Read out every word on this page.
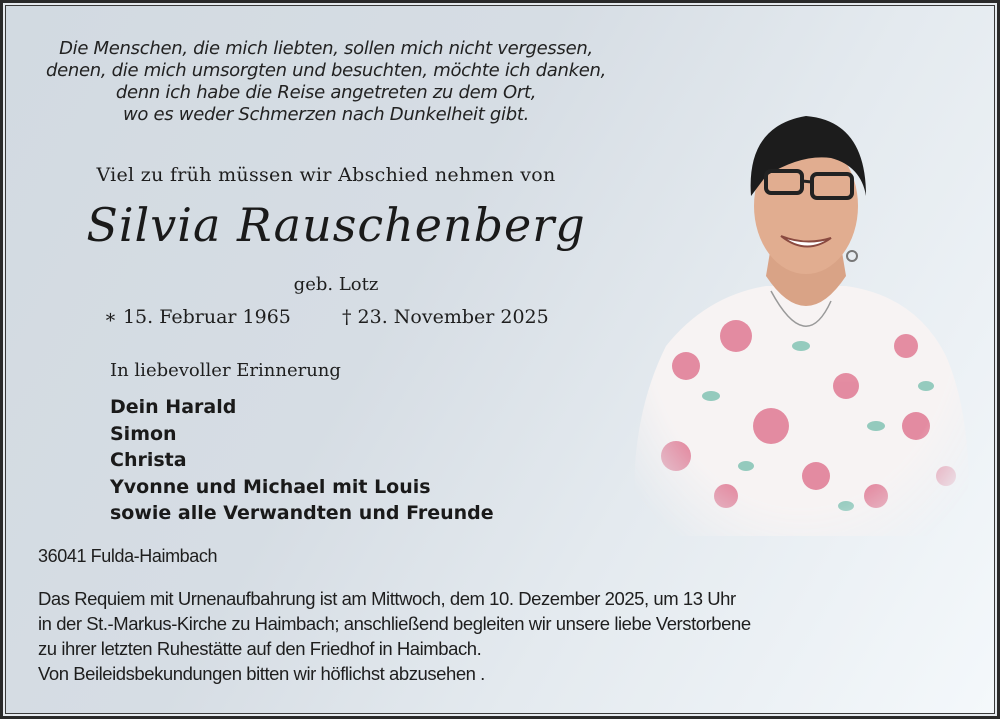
Die Menschen, die mich liebten, sollen mich nicht vergessen,
denen, die mich umsorgten und besuchten, möchte ich danken,
denn ich habe die Reise angetreten zu dem Ort,
wo es weder Schmerzen nach Dunkelheit gibt.
Viel zu früh müssen wir Abschied nehmen von
Silvia Rauschenberg
geb. Lotz
∗ 15. Februar 1965	† 23. November 2025
In liebevoller Erinnerung
Dein Harald
Simon
Christa
Yvonne und Michael mit Louis
sowie alle Verwandten und Freunde
36041 Fulda-Haimbach
Das Requiem mit Urnenaufbahrung ist am Mittwoch, dem 10. Dezember 2025, um 13 Uhr
in der St.-Markus-Kirche zu Haimbach; anschließend begleiten wir unsere liebe Verstorbene
zu ihrer letzten Ruhestätte auf den Friedhof in Haimbach.
Von Beileidsbekundungen bitten wir höflichst abzusehen .
